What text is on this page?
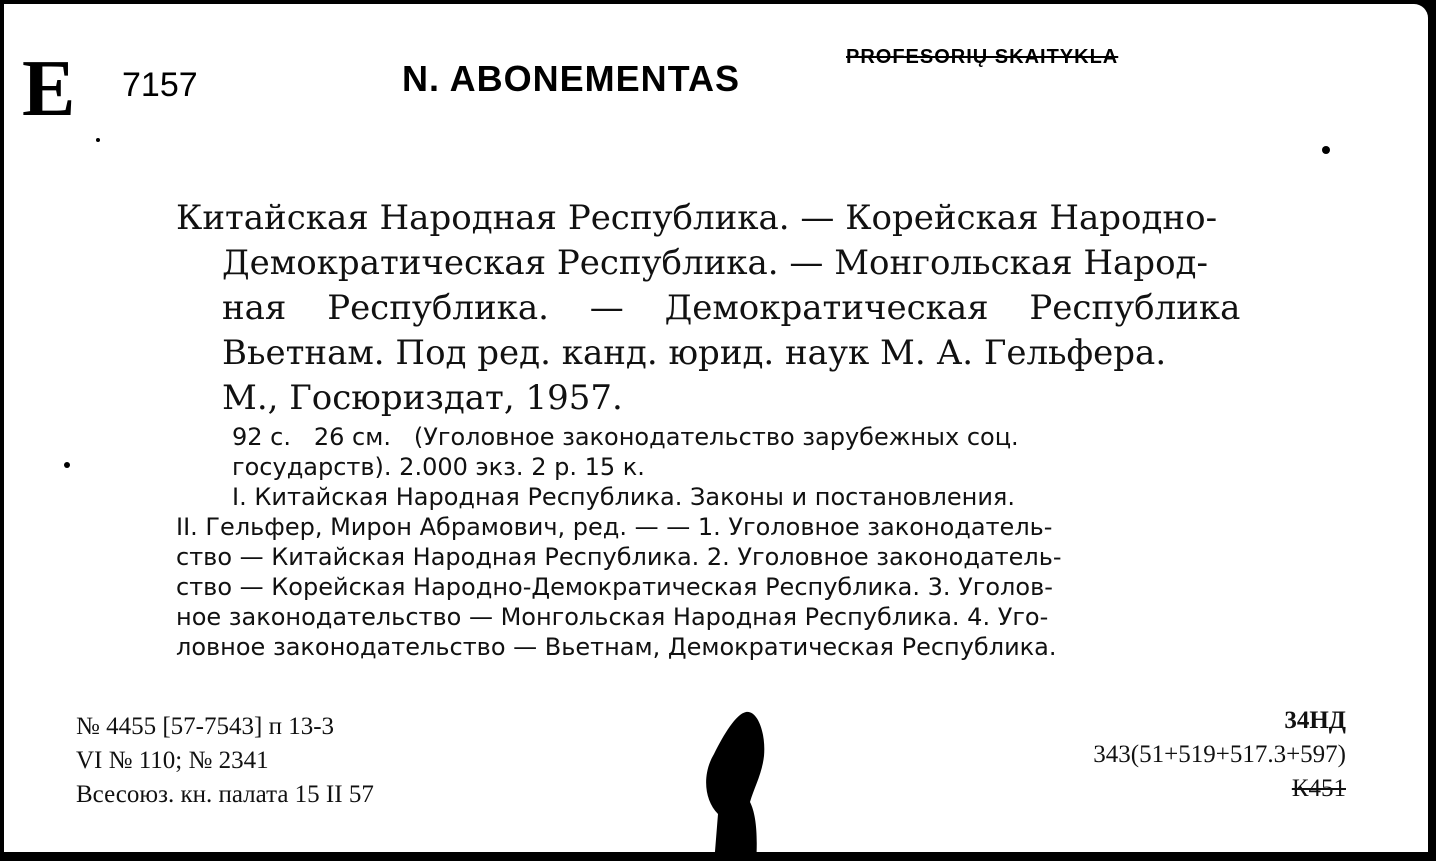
E 7157	N. ABONEMENTAS
PROFESORIŲ SKAITYKLA
Китайская Народная Республика. — Корейская Народно-
Демократическая Республика. — Монгольская Народ-
ная Республика. — Демократическая Республика
Вьетнам. Под ред. канд. юрид. наук М. А. Гельфера.
М., Госюриздат, 1957.
92 с.   26 см.   (Уголовное законодательство зарубежных соц.
государств). 2.000 экз. 2 р. 15 к.
I. Китайская Народная Республика. Законы и постановления.
II. Гельфер, Мирон Абрамович, ред. — — 1. Уголовное законодатель-
ство — Китайская Народная Республика. 2. Уголовное законодатель-
ство — Корейская Народно-Демократическая Республика. 3. Уголов-
ное законодательство — Монгольская Народная Республика. 4. Уго-
ловное законодательство — Вьетнам, Демократическая Республика.
№ 4455 [57-7543] п 13-3
VI № 110; № 2341
Всесоюз. кн. палата 15 II 57
34НД
343(51+519+517.3+597)
К451
